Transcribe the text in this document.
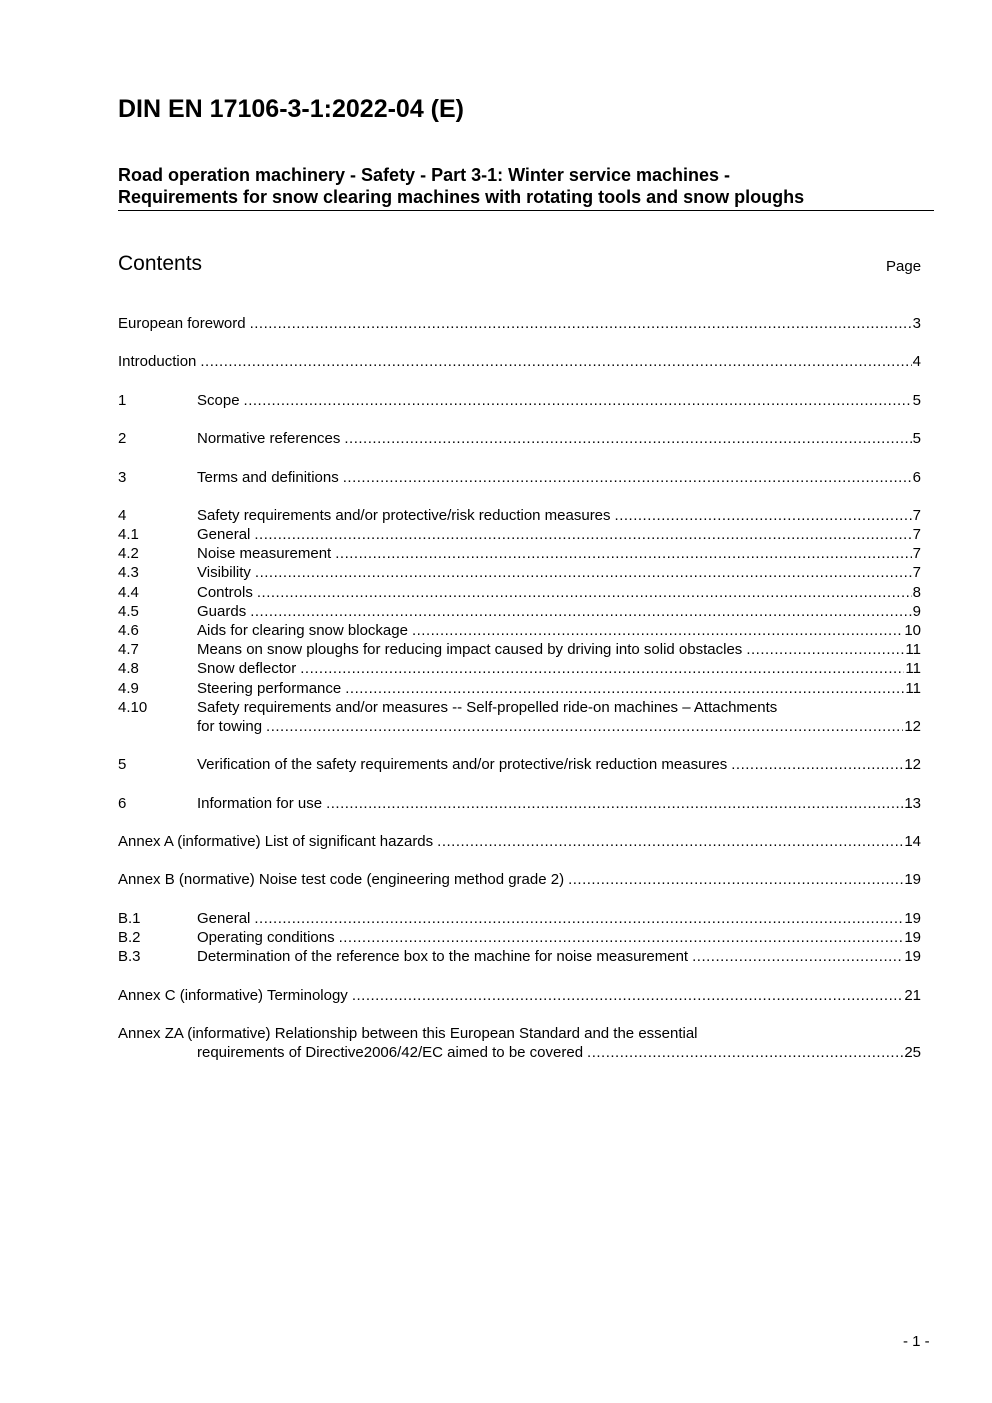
DIN EN 17106-3-1:2022-04 (E)
Road operation machinery - Safety - Part 3-1: Winter service machines -
Requirements for snow clearing machines with rotating tools and snow ploughs
Contents	Page
European foreword .....	3
Introduction .....	4
1	Scope .....	5
2	Normative references .....	5
3	Terms and definitions .....	6
4	Safety requirements and/or protective/risk reduction measures .....	7
4.1	General .....	7
4.2	Noise measurement .....	7
4.3	Visibility .....	7
4.4	Controls .....	8
4.5	Guards .....	9
4.6	Aids for clearing snow blockage .....	10
4.7	Means on snow ploughs for reducing impact caused by driving into solid obstacles .....	11
4.8	Snow deflector .....	11
4.9	Steering performance .....	11
4.10	Safety requirements and/or measures -- Self-propelled ride-on machines – Attachments
for towing .....	12
5	Verification of the safety requirements and/or protective/risk reduction measures .....	12
6	Information for use .....	13
Annex A (informative) List of significant hazards .....	14
Annex B (normative) Noise test code (engineering method grade 2) .....	19
B.1	General .....	19
B.2	Operating conditions .....	19
B.3	Determination of the reference box to the machine for noise measurement .....	19
Annex C (informative) Terminology .....	21
Annex ZA (informative) Relationship between this European Standard and the essential
requirements of Directive2006/42/EC aimed to be covered .....	25
- 1 -
